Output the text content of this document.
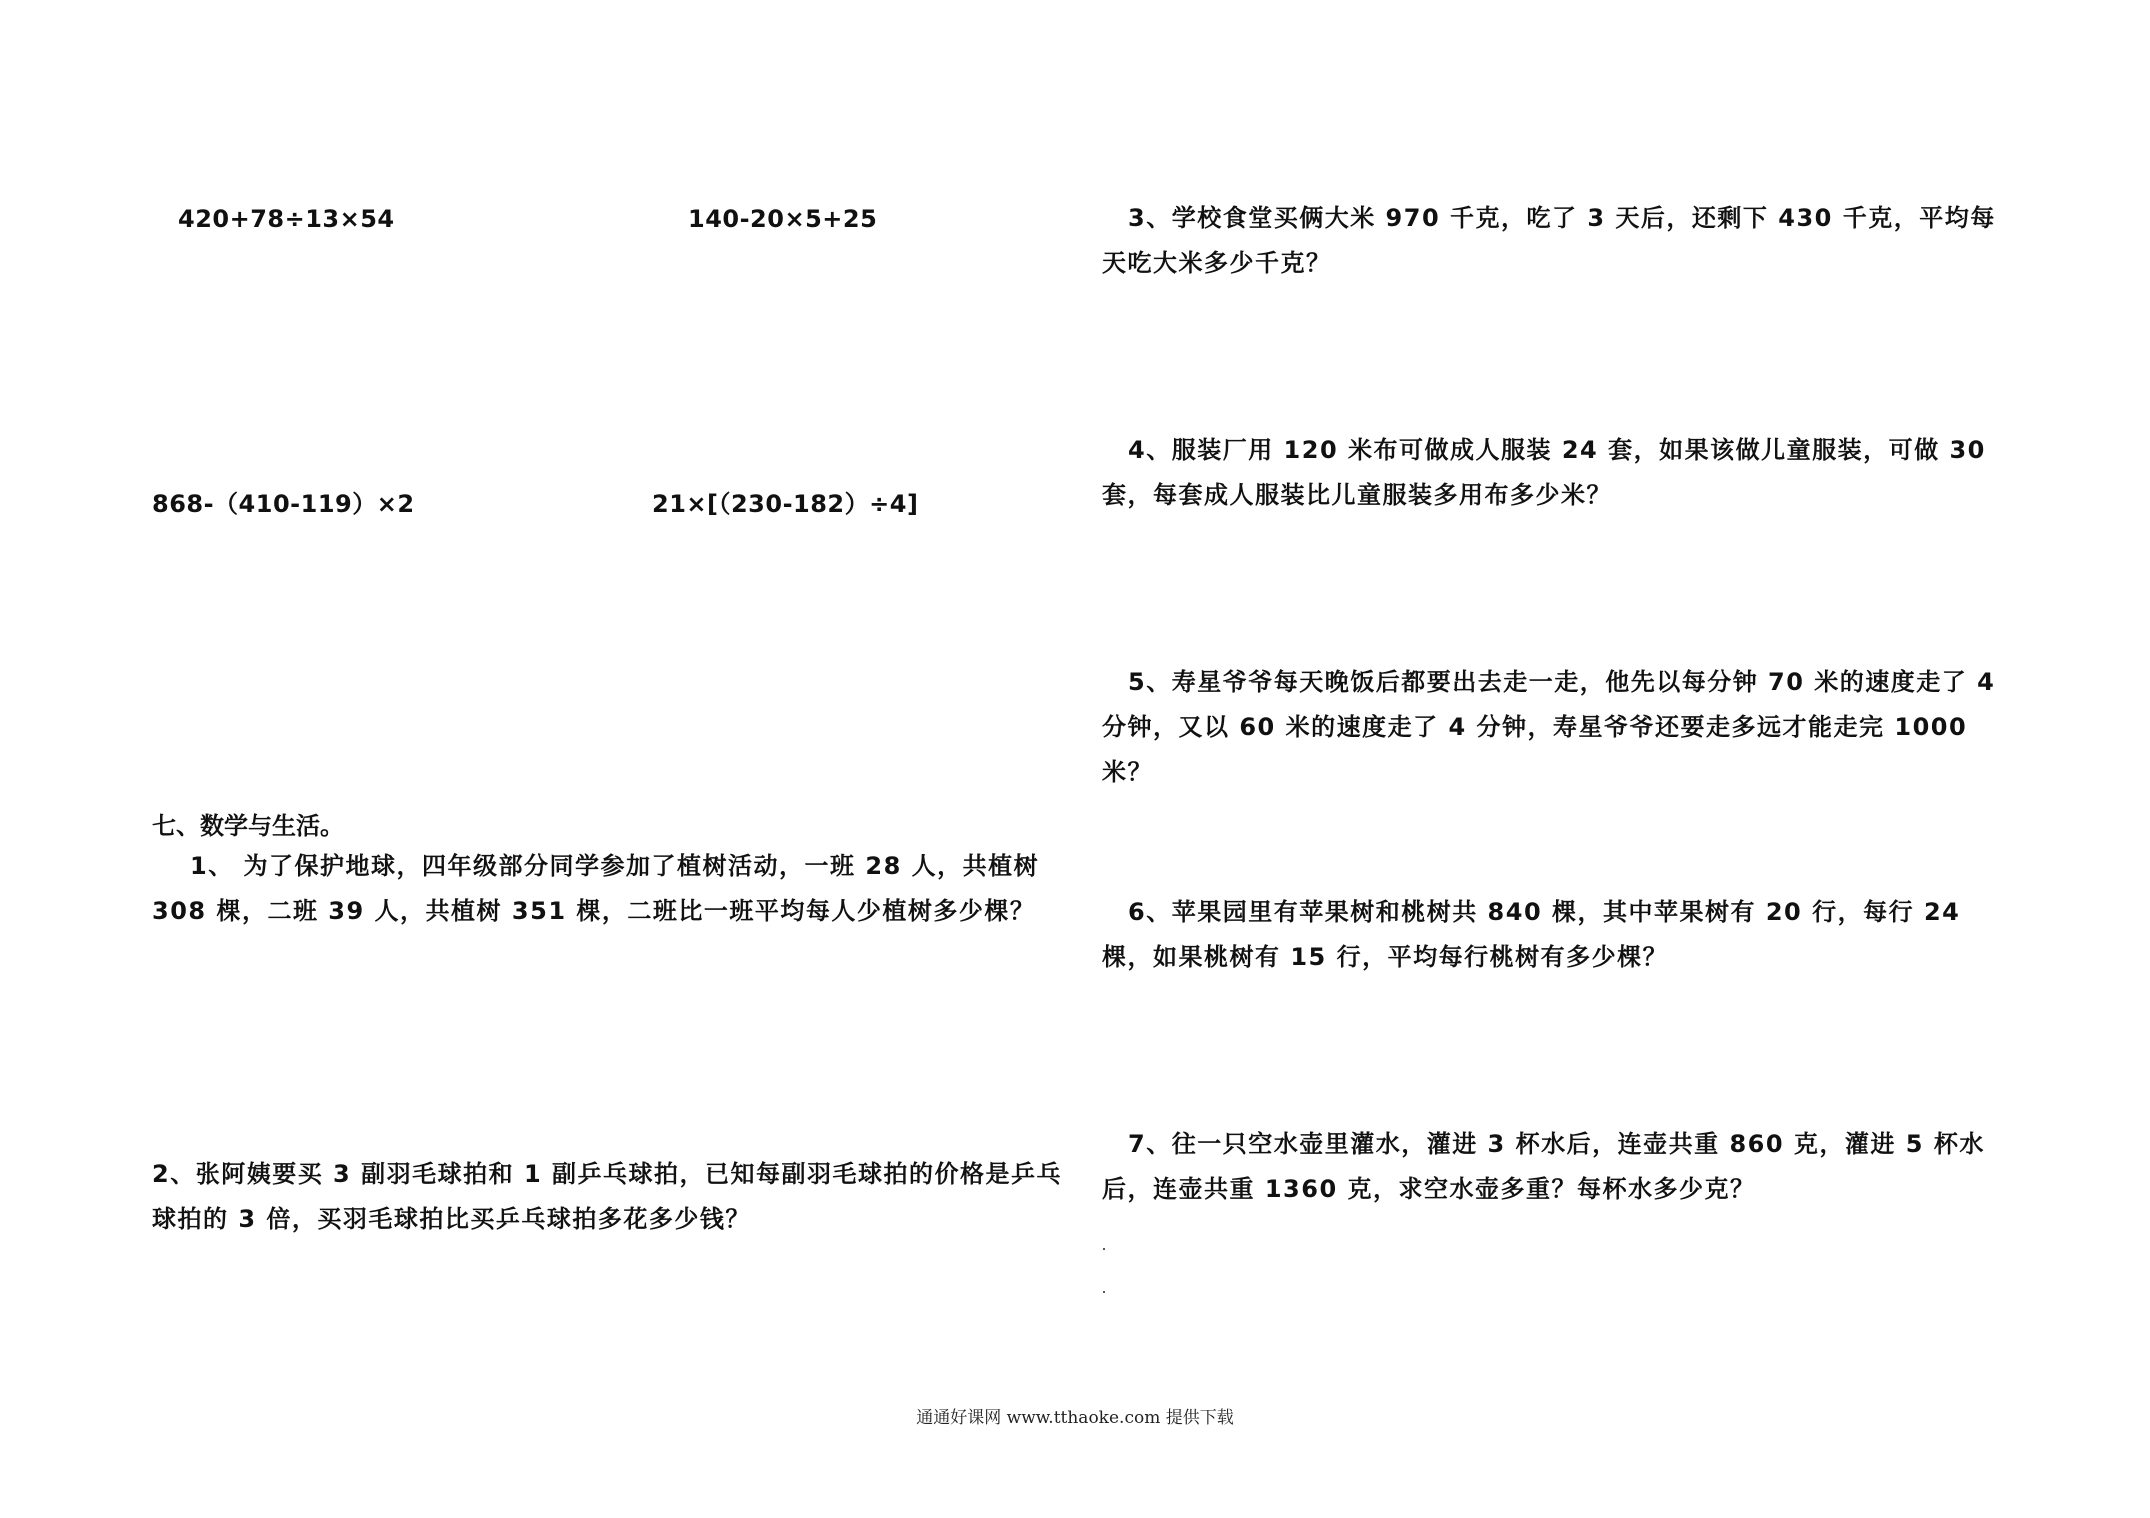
420+78÷13×54	140-20×5+25
868-（410-119）×2	21×[（230-182）÷4]
七、数学与生活。
1、 为了保护地球，四年级部分同学参加了植树活动，一班 28 人，共植树 308 棵，二班 39 人，共植树 351 棵，二班比一班平均每人少植树多少棵？
2、张阿姨要买 3 副羽毛球拍和 1 副乒乓球拍，已知每副羽毛球拍的价格是乒乓球拍的 3 倍，买羽毛球拍比买乒乓球拍多花多少钱？
3、学校食堂买俩大米 970 千克，吃了 3 天后，还剩下 430 千克，平均每天吃大米多少千克？
4、服装厂用 120 米布可做成人服装 24 套，如果该做儿童服装，可做 30 套，每套成人服装比儿童服装多用布多少米？
5、寿星爷爷每天晚饭后都要出去走一走，他先以每分钟 70 米的速度走了 4 分钟，又以 60 米的速度走了 4 分钟，寿星爷爷还要走多远才能走完 1000 米？
6、苹果园里有苹果树和桃树共 840 棵，其中苹果树有 20 行，每行 24 棵，如果桃树有 15 行，平均每行桃树有多少棵？
7、往一只空水壶里灌水，灌进 3 杯水后，连壶共重 860 克，灌进 5 杯水后，连壶共重 1360 克，求空水壶多重？每杯水多少克？
通通好课网 www.tthaoke.com 提供下载
